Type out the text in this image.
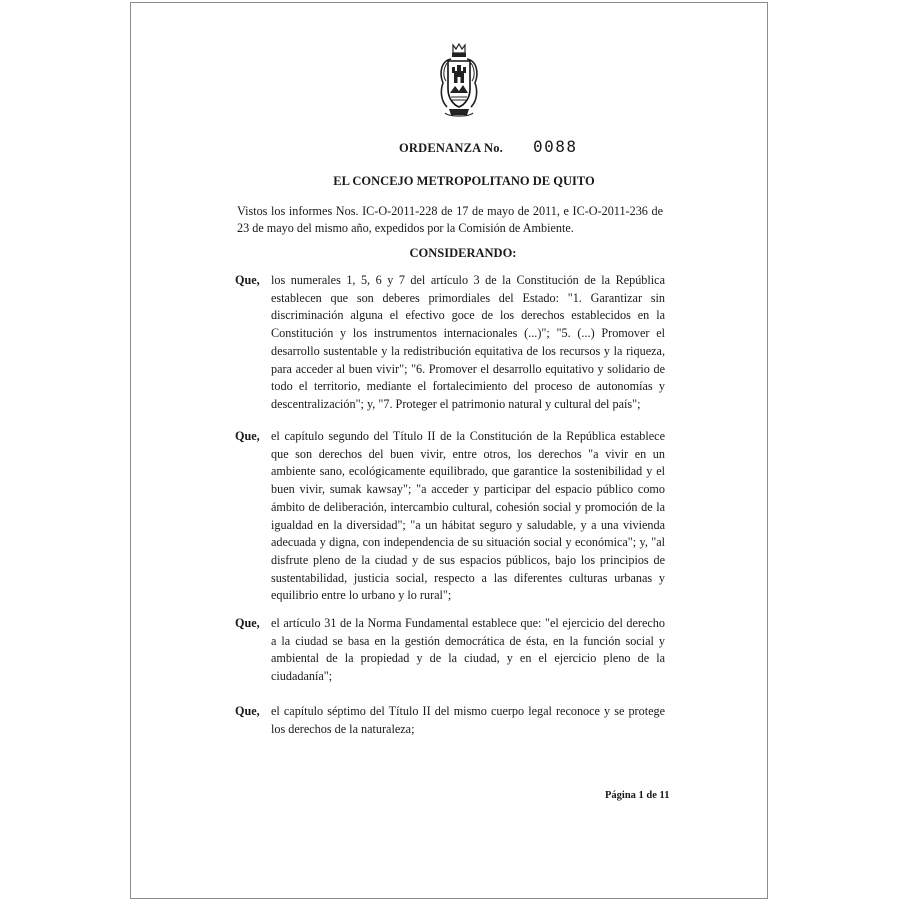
ORDENANZA No. 0088
EL CONCEJO METROPOLITANO DE QUITO
Vistos los informes Nos. IC-O-2011-228 de 17 de mayo de 2011, e IC-O-2011-236 de 23 de mayo del mismo año, expedidos por la Comisión de Ambiente.
CONSIDERANDO:
Que, los numerales 1, 5, 6 y 7 del artículo 3 de la Constitución de la República establecen que son deberes primordiales del Estado: "1. Garantizar sin discriminación alguna el efectivo goce de los derechos establecidos en la Constitución y los instrumentos internacionales (...)"; "5. (...) Promover el desarrollo sustentable y la redistribución equitativa de los recursos y la riqueza, para acceder al buen vivir"; "6. Promover el desarrollo equitativo y solidario de todo el territorio, mediante el fortalecimiento del proceso de autonomías y descentralización"; y, "7. Proteger el patrimonio natural y cultural del país";
Que, el capítulo segundo del Título II de la Constitución de la República establece que son derechos del buen vivir, entre otros, los derechos "a vivir en un ambiente sano, ecológicamente equilibrado, que garantice la sostenibilidad y el buen vivir, sumak kawsay"; "a acceder y participar del espacio público como ámbito de deliberación, intercambio cultural, cohesión social y promoción de la igualdad en la diversidad"; "a un hábitat seguro y saludable, y a una vivienda adecuada y digna, con independencia de su situación social y económica"; y, "al disfrute pleno de la ciudad y de sus espacios públicos, bajo los principios de sustentabilidad, justicia social, respecto a las diferentes culturas urbanas y equilibrio entre lo urbano y lo rural";
Que, el artículo 31 de la Norma Fundamental establece que: "el ejercicio del derecho a la ciudad se basa en la gestión democrática de ésta, en la función social y ambiental de la propiedad y de la ciudad, y en el ejercicio pleno de la ciudadanía";
Que, el capítulo séptimo del Título II del mismo cuerpo legal reconoce y se protege los derechos de la naturaleza;
Página 1 de 11
